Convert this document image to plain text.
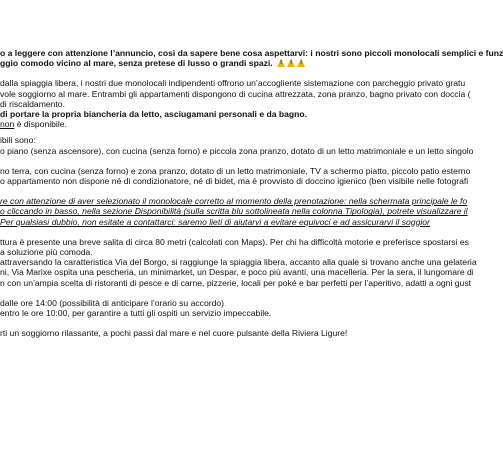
o a leggere con attenzione l’annuncio, così da sapere bene cosa aspettarvi: i nostri sono piccoli monolocali semplici e funz
ggio comodo vicino al mare, senza pretese di lusso o grandi spazi. !!!
dalla spiaggia libera, i nostri due monolocali indipendenti offrono un’accogliente sistemazione con parcheggio privato gratu
vole soggiorno al mare. Entrambi gli appartamenti dispongono di cucina attrezzata, zona pranzo, bagno privato con doccia (
di riscaldamento.
di portare la propria biancheria da letto, asciugamani personali e da bagno.
non è disponibile.
ibili sono:
o piano (senza ascensore), con cucina (senza forno) e piccola zona pranzo, dotato di un letto matrimoniale e un letto singolo
no terra, con cucina (senza forno) e zona pranzo, dotato di un letto matrimoniale, TV a schermo piatto, piccolo patio esterno
o appartamento non dispone né di condizionatore, né di bidet, ma è provvisto di doccino igienico (ben visibile nelle fotografi
re con attenzione di aver selezionato il monolocale corretto al momento della prenotazione: nella schermata principale le fo
o cliccando in basso, nella sezione Disponibilità (sulla scritta blu sottolineata nella colonna Tipologia), potrete visualizzare il
Per qualsiasi dubbio, non esitate a contattarci: saremo lieti di aiutarvi a evitare equivoci e ad assicurarvi il soggior
ttura è presente una breve salita di circa 80 metri (calcolati con Maps). Per chi ha difficoltà motorie e preferisce spostarsi es
a soluzione più comoda.
attraversando la caratteristica Via del Borgo, si raggiunge la spiaggia libera, accanto alla quale si trovano anche una gelateria
ni, Via Marixe ospita una pescheria, un minimarket, un Despar, e poco più avanti, una macelleria. Per la sera, il lungomare di
n con un’ampia scelta di ristoranti di pesce e di carne, pizzerie, locali per poké e bar perfetti per l’aperitivo, adatti a ogni gust
dalle ore 14:00 (possibilità di anticipare l’orario su accordo)
entro le ore 10:00, per garantire a tutti gli ospiti un servizio impeccabile.
rti un soggiorno rilassante, a pochi passi dal mare e nel cuore pulsante della Riviera Ligure!
